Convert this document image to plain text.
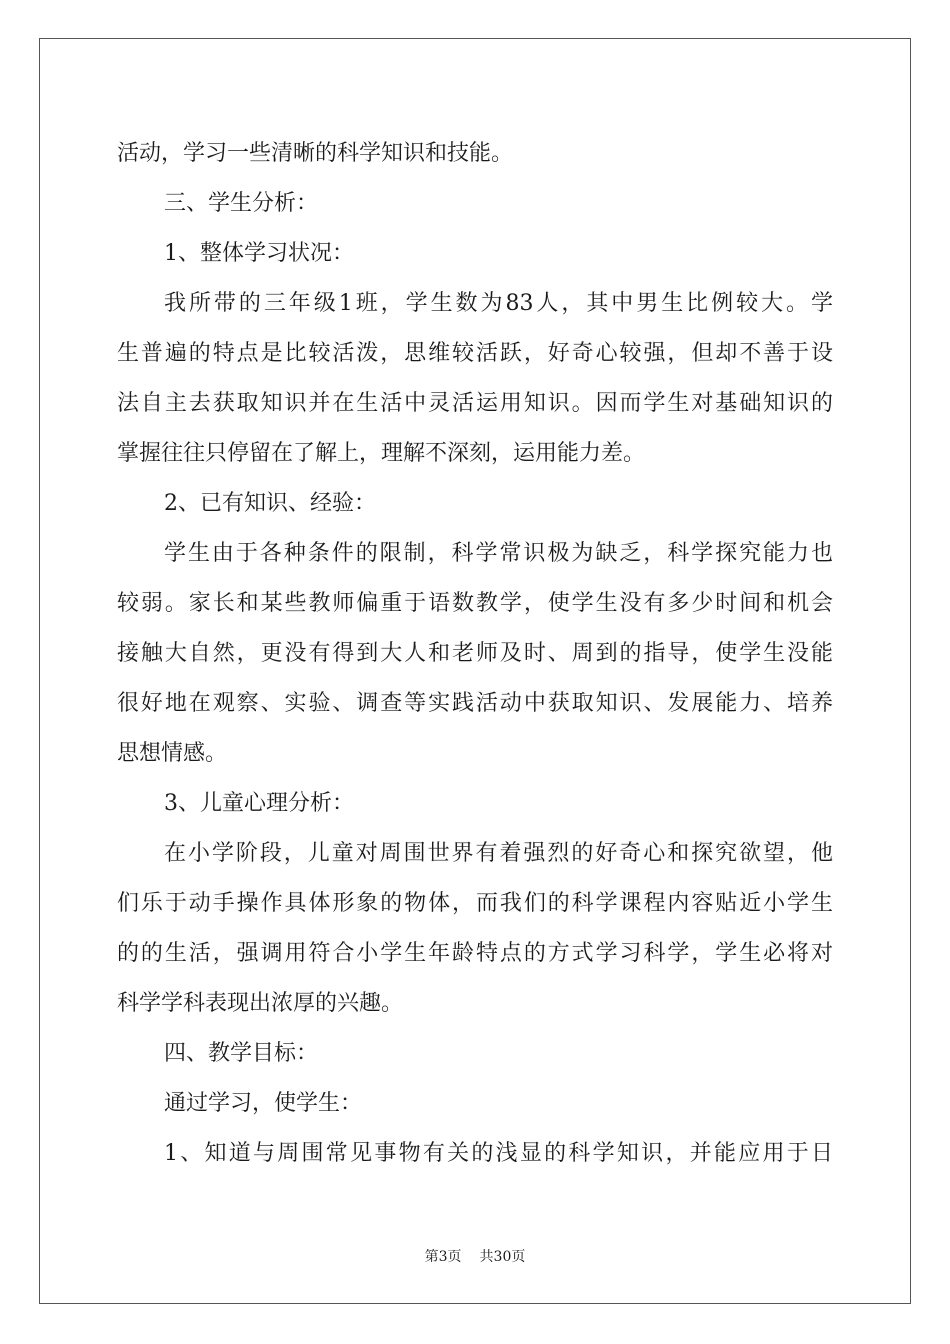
活动，学习一些清晰的科学知识和技能。
三、学生分析：
1、整体学习状况：
我所带的三年级1班，学生数为83人，其中男生比例较大。学
生普遍的特点是比较活泼，思维较活跃，好奇心较强，但却不善于设
法自主去获取知识并在生活中灵活运用知识。因而学生对基础知识的
掌握往往只停留在了解上，理解不深刻，运用能力差。
2、已有知识、经验：
学生由于各种条件的限制，科学常识极为缺乏，科学探究能力也
较弱。家长和某些教师偏重于语数教学，使学生没有多少时间和机会
接触大自然，更没有得到大人和老师及时、周到的指导，使学生没能
很好地在观察、实验、调查等实践活动中获取知识、发展能力、培养
思想情感。
3、儿童心理分析：
在小学阶段，儿童对周围世界有着强烈的好奇心和探究欲望，他
们乐于动手操作具体形象的物体，而我们的科学课程内容贴近小学生
的的生活，强调用符合小学生年龄特点的方式学习科学，学生必将对
科学学科表现出浓厚的兴趣。
四、教学目标：
通过学习，使学生：
1、知道与周围常见事物有关的浅显的科学知识，并能应用于日
第3页 共30页
